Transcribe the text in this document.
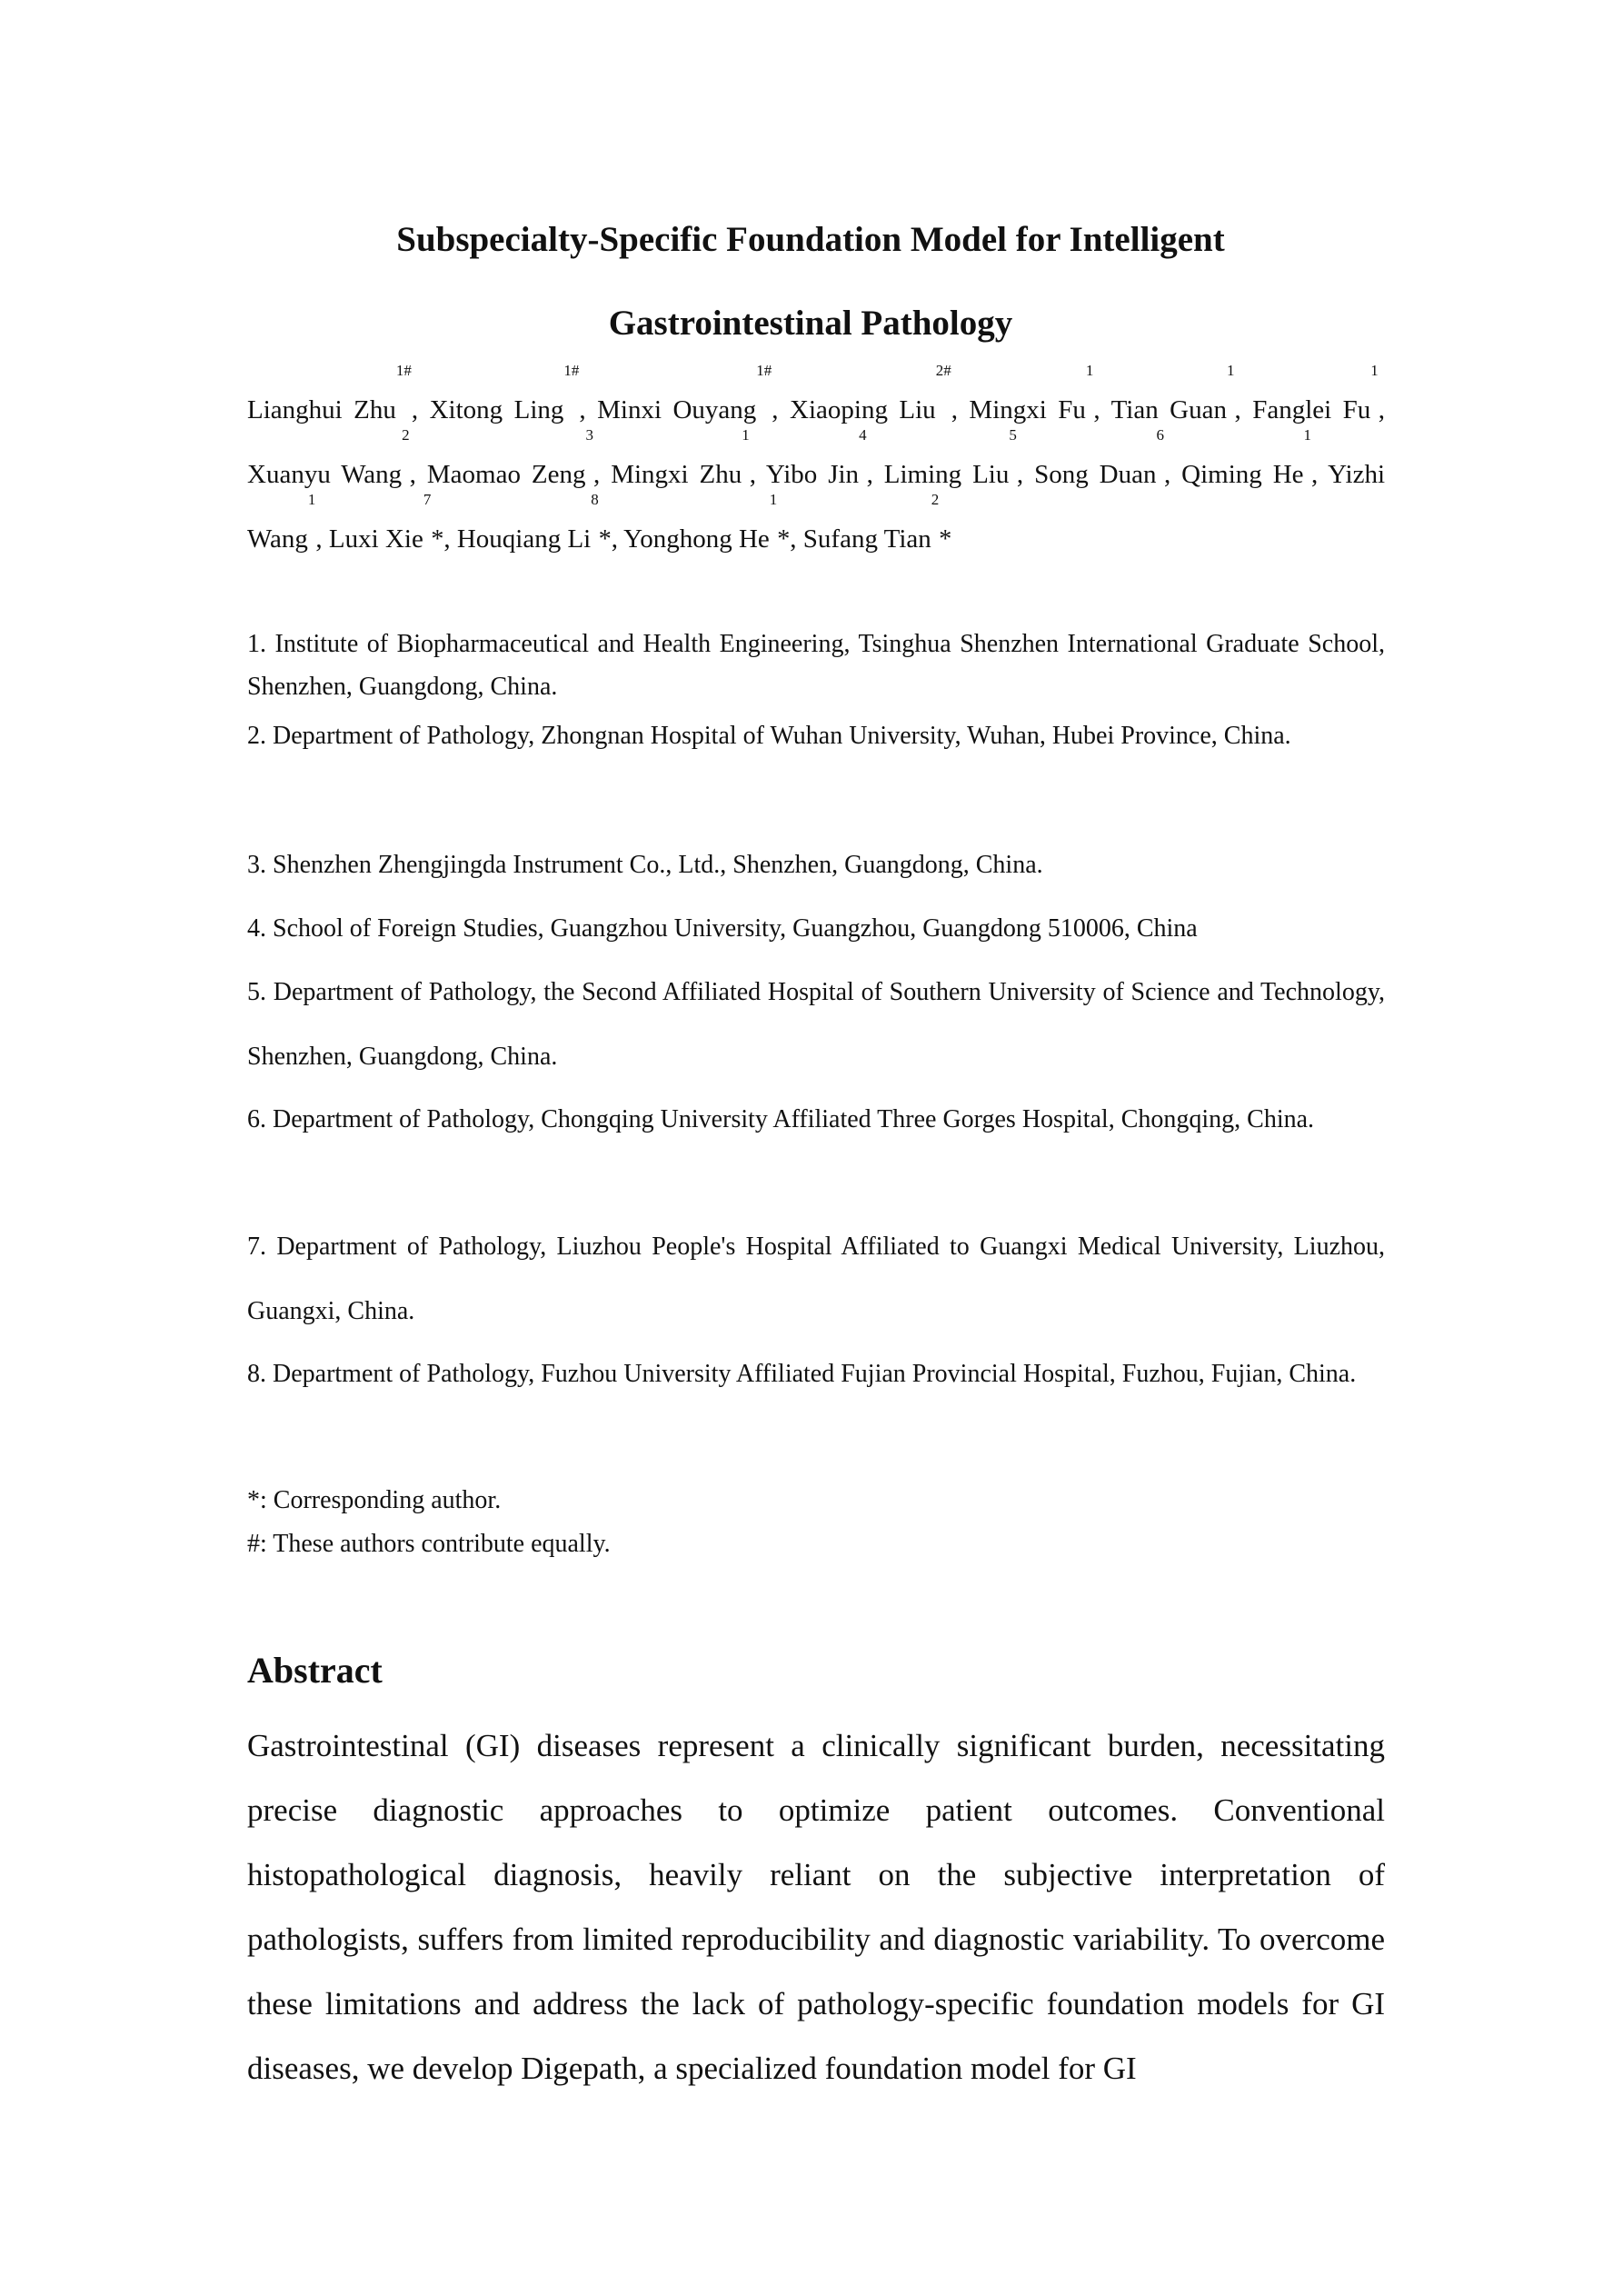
Subspecialty-Specific Foundation Model for Intelligent
Gastrointestinal Pathology

Lianghui Zhu$^{1\#}$, Xitong Ling$^{1\#}$, Minxi Ouyang$^{1\#}$, Xiaoping Liu$^{2\#}$, Mingxi Fu$^1$, Tian Guan$^1$, Fanglei Fu$^1$, Xuanyu Wang$^2$, Maomao Zeng$^3$, Mingxi Zhu$^1$, Yibo Jin$^4$, Liming Liu$^5$, Song Duan$^6$, Qiming He$^1$, Yizhi Wang$^1$, Luxi Xie$^7$*, Houqiang Li$^8$*, Yonghong He$^1$*, Sufang Tian$^2$*

1. Institute of Biopharmaceutical and Health Engineering, Tsinghua Shenzhen International Graduate School, Shenzhen, Guangdong, China.

2. Department of Pathology, Zhongnan Hospital of Wuhan University, Wuhan, Hubei Province, China.

3. Shenzhen Zhengjingda Instrument Co., Ltd., Shenzhen, Guangdong, China.

4. School of Foreign Studies, Guangzhou University, Guangzhou, Guangdong 510006, China

5. Department of Pathology, the Second Affiliated Hospital of Southern University of Science and Technology, Shenzhen, Guangdong, China.

6. Department of Pathology, Chongqing University Affiliated Three Gorges Hospital, Chongqing, China.

7. Department of Pathology, Liuzhou People's Hospital Affiliated to Guangxi Medical University, Liuzhou, Guangxi, China.

8. Department of Pathology, Fuzhou University Affiliated Fujian Provincial Hospital, Fuzhou, Fujian, China.

*: Corresponding author.

#: These authors contribute equally.

Abstract

Gastrointestinal (GI) diseases represent a clinically significant burden, necessitating precise diagnostic approaches to optimize patient outcomes. Conventional histopathological diagnosis, heavily reliant on the subjective interpretation of pathologists, suffers from limited reproducibility and diagnostic variability. To overcome these limitations and address the lack of pathology-specific foundation models for GI diseases, we develop Digepath, a specialized foundation model for GI
